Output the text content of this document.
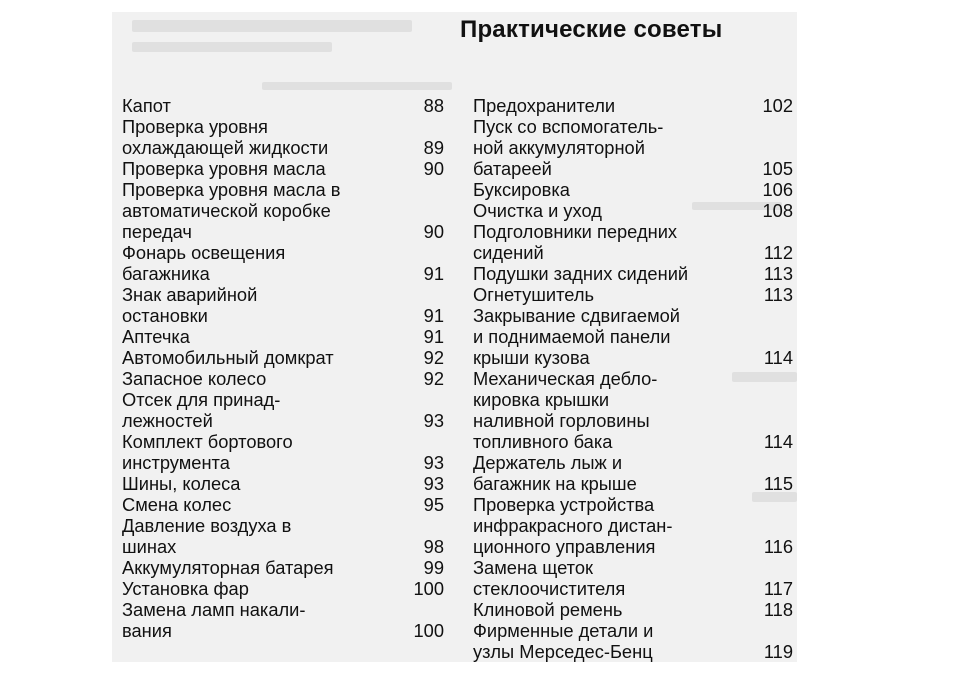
Практические советы
Капот	88
Проверка уровня
охлаждающей жидкости	89
Проверка уровня масла	90
Проверка уровня масла в
автоматической коробке
передач	90
Фонарь освещения
багажника	91
Знак аварийной
остановки	91
Аптечка	91
Автомобильный домкрат	92
Запасное колесо	92
Отсек для принад-
лежностей	93
Комплект бортового
инструмента	93
Шины, колеса	93
Смена колес	95
Давление воздуха в
шинах	98
Аккумуляторная батарея	99
Установка фар	100
Замена ламп накали-
вания	100
Предохранители	102
Пуск со вспомогатель-
ной аккумуляторной
батареей	105
Буксировка	106
Очистка и уход	108
Подголовники передних
сидений	112
Подушки задних сидений	113
Огнетушитель	113
Закрывание сдвигаемой
и поднимаемой панели
крыши кузова	114
Механическая дебло-
кировка крышки
наливной горловины
топливного бака	114
Держатель лыж и
багажник на крыше	115
Проверка устройства
инфракрасного дистан-
ционного управления	116
Замена щеток
стеклоочистителя	117
Клиновой ремень	118
Фирменные детали и
узлы Мерседес-Бенц	119
